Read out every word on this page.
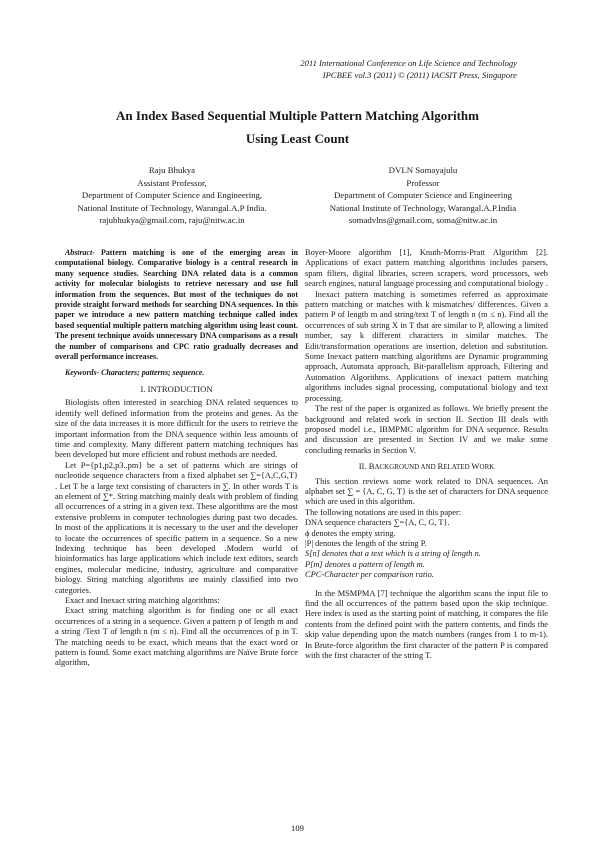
2011 International Conference on Life Science and Technology
IPCBEE vol.3 (2011) © (2011) IACSIT Press, Singapore
An Index Based Sequential Multiple Pattern Matching Algorithm
Using Least Count
Raju Bhukya
Assistant Professor,
Department of Computer Science and Engineering,
National Institute of Technology, Warangal.A.P India.
rajubhukya@gmail.com, raju@nitw.ac.in
DVLN Somayajulu
Professor
Department of Computer Science and Engineering
National Institute of Technology, Warangal.A.P.India
somadvlns@gmail.com, soma@nitw.ac.in

Abstract- Pattern matching is one of the emerging areas in computational biology. Comparative biology is a central research in many sequence studies. Searching DNA related data is a common activity for molecular biologists to retrieve necessary and use full information from the sequences. But most of the techniques do not provide straight forward methods for searching DNA sequences. In this paper we introduce a new pattern matching technique called index based sequential multiple pattern matching algorithm using least count. The present technique avoids unnecessary DNA comparisons as a result the number of comparisons and CPC ratio gradually decreases and overall performance increases.

Keywords- Characters; patterns; sequence.

I. INTRODUCTION

Biologists often interested in searching DNA related sequences to identify well defined information from the proteins and genes. As the size of the data increases it is more difficult for the users to retrieve the important information from the DNA sequence within less amounts of time and complexity. Many different pattern matching techniques has been developed but more efficient and robust methods are needed.

Let P={p1,p2,p3..pm} be a set of patterns which are strings of nucleotide sequence characters from a fixed alphabet set ∑={A,C,G,T} . Let T be a large text consisting of characters in ∑. In other words T is an element of ∑*. String matching mainly deals with problem of finding all occurrences of a string in a given text. These algorithms are the most extensive problems in computer technologies during past two decades. In most of the applications it is necessary to the user and the developer to locate the occurrences of specific pattern in a sequence. So a new Indexing technique has been developed .Modern world of bioinformatics has large applications which include text editors, search engines, molecular medicine, industry, agriculture and comparative biology. String matching algorithms are mainly classified into two categories.

Exact and Inexact string matching algorithms:

Exact string matching algorithm is for finding one or all exact occurrences of a string in a sequence. Given a pattern p of length m and a string /Text T of length n (m ≤ n). Find all the occurrences of p in T. The matching needs to be exact, which means that the exact word or pattern is found. Some exact matching algorithms are Naïve Brute force algorithm,

Boyer-Moore algorithm [1], Knuth-Morris-Pratt Algorithm [2]. Applications of exact pattern matching algorithms includes parsers, spam filters, digital libraries, screen scrapers, word processors, web search engines, natural language processing and computational biology .

Inexact pattern matching is sometimes referred as approximate pattern matching or matches with k mismatches/ differences. Given a pattern P of length m and string/text T of length n (m ≤ n). Find all the occurrences of sub string X in T that are similar to P, allowing a limited number, say k different characters in similar matches. The Edit/transformation operations are insertion, deletion and substitution. Some Inexact pattern matching algorithms are Dynamic programming approach, Automata approach, Bit-parallelism approach, Filtering and Automation Algorithms. Applications of inexact pattern matching algorithms includes signal processing, computational biology and text processing.

The rest of the paper is organized as follows. We briefly present the background and related work in section II. Section III deals with proposed model i.e., IBMPMC algorithm for DNA sequence. Results and discussion are presented in Section IV and we make some concluding remarks in Section V.

II. BACKGROUND AND RELATED WORK

This section reviews some work related to DNA sequences. An alphabet set ∑ = {A, C, G, T} is the set of characters for DNA sequence which are used in this algorithm.

The following notations are used in this paper:

DNA sequence characters ∑={A, C, G, T}.

ϕ denotes the empty string.

|P| denotes the length of the string P.

S[n] denotes that a text which is a string of length n.

P[m] denotes a pattern of length m.

CPC-Character per comparison ratio.

In the MSMPMA [7] technique the algorithm scans the input file to find the all occurrences of the pattern based upon the skip technique. Here index is used as the starting point of matching, it compares the file contents from the defined point with the pattern contents, and finds the skip value depending upon the match numbers (ranges from 1 to m-1). In Brute-force algorithm the first character of the pattern P is compared with the first character of the string T.

109
